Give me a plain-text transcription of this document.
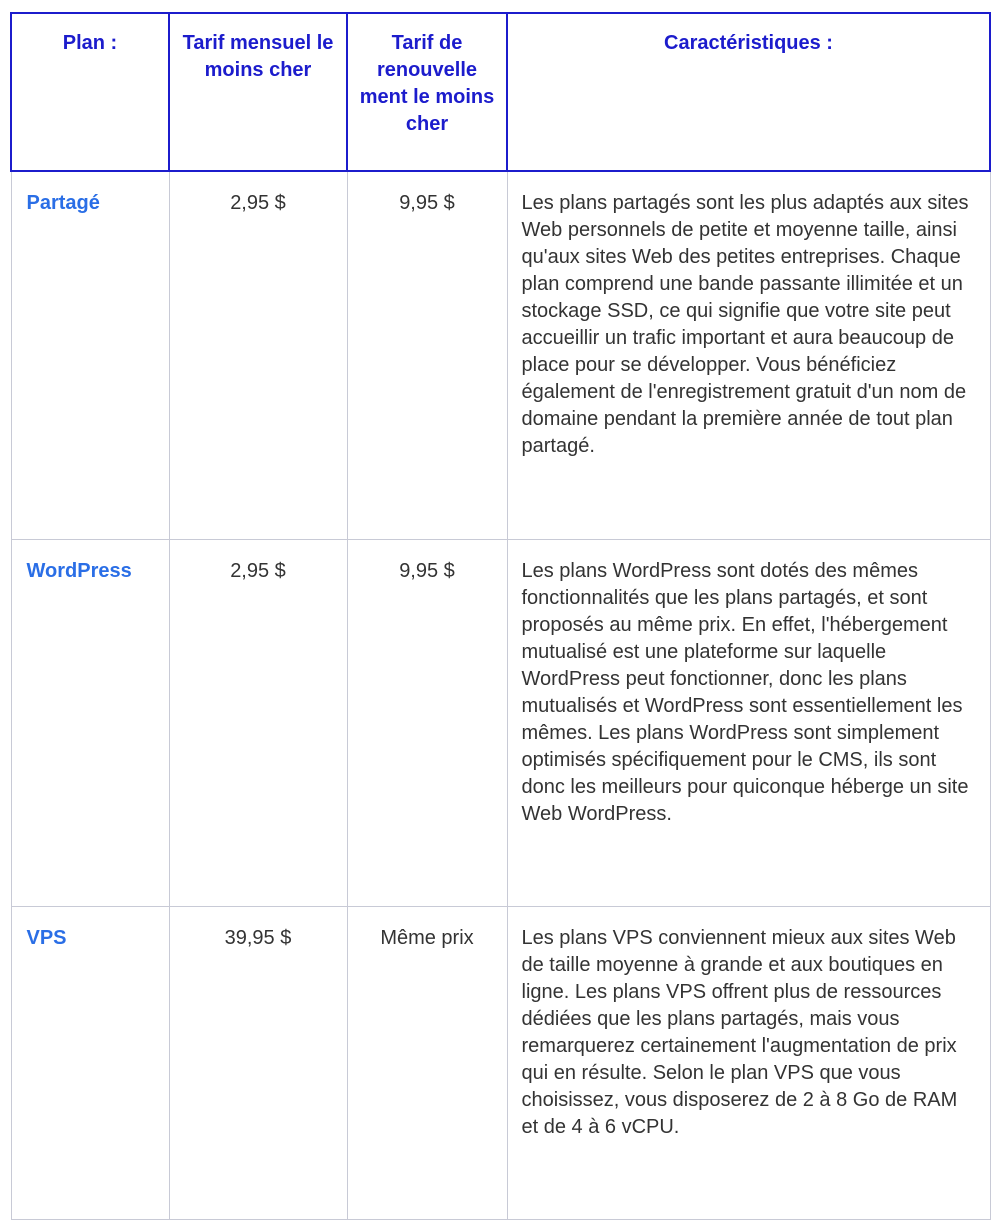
Plan :	Tarif mensuel le moins cher	Tarif de renouvelle ment le moins cher	Caractéristiques :
Partagé	2,95 $	9,95 $	Les plans partagés sont les plus adaptés aux sites Web personnels de petite et moyenne taille, ainsi qu'aux sites Web des petites entreprises. Chaque plan comprend une bande passante illimitée et un stockage SSD, ce qui signifie que votre site peut accueillir un trafic important et aura beaucoup de place pour se développer. Vous bénéficiez également de l'enregistrement gratuit d'un nom de domaine pendant la première année de tout plan partagé.
WordPress	2,95 $	9,95 $	Les plans WordPress sont dotés des mêmes fonctionnalités que les plans partagés, et sont proposés au même prix. En effet, l'hébergement mutualisé est une plateforme sur laquelle WordPress peut fonctionner, donc les plans mutualisés et WordPress sont essentiellement les mêmes. Les plans WordPress sont simplement optimisés spécifiquement pour le CMS, ils sont donc les meilleurs pour quiconque héberge un site Web WordPress.
VPS	39,95 $	Même prix	Les plans VPS conviennent mieux aux sites Web de taille moyenne à grande et aux boutiques en ligne. Les plans VPS offrent plus de ressources dédiées que les plans partagés, mais vous remarquerez certainement l'augmentation de prix qui en résulte. Selon le plan VPS que vous choisissez, vous disposerez de 2 à 8 Go de RAM et de 4 à 6 vCPU.
